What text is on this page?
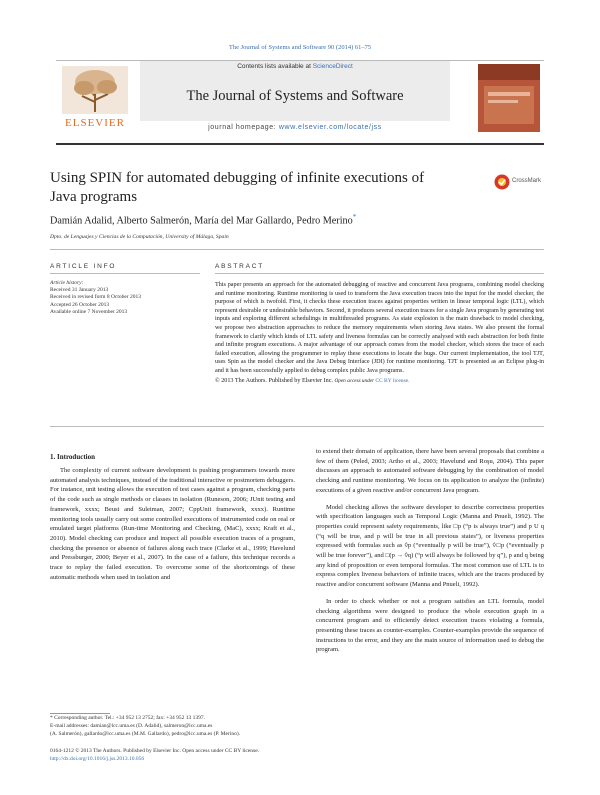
The Journal of Systems and Software 90 (2014) 61–75
ELSEVIER
Contents lists available at ScienceDirect
The Journal of Systems and Software
journal homepage: www.elsevier.com/locate/jss
Using SPIN for automated debugging of infinite executions of
Java programs
CrossMark
Damián Adalid, Alberto Salmerón, María del Mar Gallardo, Pedro Merino*
Dpto. de Lenguajes y Ciencias de la Computación, University of Málaga, Spain
ARTICLE INFO	ABSTRACT
Article history:
Received 31 January 2013
Received in revised form 8 October 2013
Accepted 26 October 2013
Available online 7 November 2013
This paper presents an approach for the automated debugging of reactive and concurrent Java programs, combining model checking and runtime monitoring. Runtime monitoring is used to transform the Java execution traces into the input for the model checker, the purpose of which is twofold. First, it checks these execution traces against properties written in linear temporal logic (LTL), which represent desirable or undesirable behaviors. Second, it produces several execution traces for a single Java program by generating test inputs and exploring different schedulings in multithreaded programs. As state explosion is the main drawback to model checking, we propose two abstraction approaches to reduce the memory requirements when storing Java states. We also present the formal framework to clarify which kinds of LTL safety and liveness formulas can be correctly analysed with each abstraction for both finite and infinite program executions. A major advantage of our approach comes from the model checker, which stores the trace of each failed execution, allowing the programmer to replay these executions to locate the bugs. Our current implementation, the tool TJT, uses Spin as the model checker and the Java Debug Interface (JDI) for runtime monitoring. TJT is presented as an Eclipse plug-in and it has been successfully applied to debug complex public Java programs.
© 2013 The Authors. Published by Elsevier Inc. Open access under CC BY license.
1. Introduction

The complexity of current software development is pushing programmers towards more automated analysis techniques, instead of the traditional interactive or postmortem debuggers. For instance, unit testing allows the execution of test cases against a program, checking parts of the code such as single methods or classes in isolation (Runeson, 2006; JUnit testing and framework, xxxx; Beust and Suleiman, 2007; CppUnit framework, xxxx). Runtime monitoring tools usually carry out some controlled executions of instrumented code on real or emulated target platforms (Run-time Monitoring and Checking, (MaC), xxxx; Kraft et al., 2010). Model checking can produce and inspect all possible execution traces of a program, checking the presence or absence of failures along each trace (Clarke et al., 1999; Havelund and Pressburger, 2000; Beyer et al., 2007). In the case of a failure, this technique records a trace to replay the failed execution. To overcome some of the shortcomings of these automatic methods when used in isolation and

to extend their domain of application, there have been several proposals that combine a few of them (Peled, 2003; Artho et al., 2003; Havelund and Roşu, 2004). This paper discusses an approach to automated software debugging by the combination of model checking and runtime monitoring. We focus on its application to analyze the (infinite) executions of a given reactive and/or concurrent Java program.

Model checking allows the software developer to describe correctness properties with specification languages such as Temporal Logic (Manna and Pnueli, 1992). The properties could represent safety requirements, like □p (“p is always true”) and p U q (“q will be true, and p will be true in all previous states”), or liveness properties expressed with formulas such as ◊p (“eventually p will be true”), ◊□p (“eventually p will be true forever”), and □(p → ◊q) (“p will always be followed by q”), p and q being any kind of proposition or even temporal formulas. The most common use of LTL is to express complex liveness behaviors of infinite traces, which are the traces produced by reactive and/or concurrent software (Manna and Pnueli, 1992).

In order to check whether or not a program satisfies an LTL formula, model checking algorithms were designed to produce the whole execution graph in a concurrent program and to efficiently detect execution traces violating a formula, presenting these traces as counter-examples. Counter-examples provide the sequence of instructions to the error, and they are the main source of information used to debug the program.

* Corresponding author. Tel.: +34 952 13 2752; fax: +34 952 13 1397.
E-mail addresses: damian@lcc.uma.es (D. Adalid), salmeron@lcc.uma.es
(A. Salmerón), gallardo@lcc.uma.es (M.M. Gallardo), pedro@lcc.uma.es (P. Merino).
0164-1212 © 2013 The Authors. Published by Elsevier Inc. Open access under CC BY license.
http://dx.doi.org/10.1016/j.jss.2013.10.056
